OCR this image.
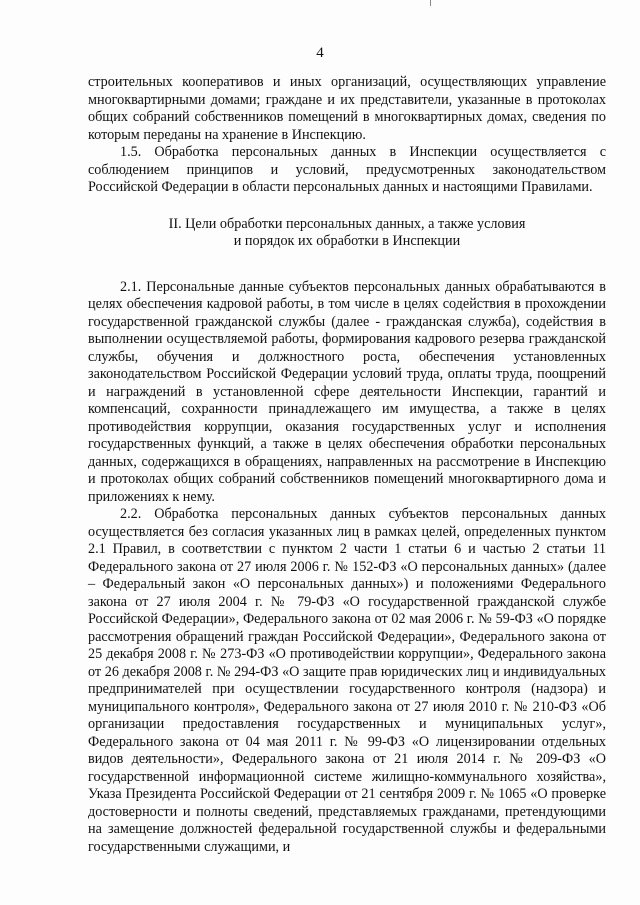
4

строительных кооперативов и иных организаций, осуществляющих управление многоквартирными домами; граждане и их представители, указанные в протоколах общих собраний собственников помещений в многоквартирных домах, сведения по которым переданы на хранение в Инспекцию.

1.5. Обработка персональных данных в Инспекции осуществляется с соблюдением принципов и условий, предусмотренных законодательством Российской Федерации в области персональных данных и настоящими Правилами.

II. Цели обработки персональных данных, а также условия
и порядок их обработки в Инспекции

2.1. Персональные данные субъектов персональных данных обрабатываются в целях обеспечения кадровой работы, в том числе в целях содействия в прохождении государственной гражданской службы (далее - гражданская служба), содействия в выполнении осуществляемой работы, формирования кадрового резерва гражданской службы, обучения и должностного роста, обеспечения установленных законодательством Российской Федерации условий труда, оплаты труда, поощрений и награждений в установленной сфере деятельности Инспекции, гарантий и компенсаций, сохранности принадлежащего им имущества, а также в целях противодействия коррупции, оказания государственных услуг и исполнения государственных функций, а также в целях обеспечения обработки персональных данных, содержащихся в обращениях, направленных на рассмотрение в Инспекцию и протоколах общих собраний собственников помещений многоквартирного дома и приложениях к нему.

2.2. Обработка персональных данных субъектов персональных данных осуществляется без согласия указанных лиц в рамках целей, определенных пунктом 2.1 Правил, в соответствии с пунктом 2 части 1 статьи 6 и частью 2 статьи 11 Федерального закона от 27 июля 2006 г. № 152-ФЗ «О персональных данных» (далее – Федеральный закон «О персональных данных») и положениями Федерального закона от 27 июля 2004 г. № 79-ФЗ «О государственной гражданской службе Российской Федерации», Федерального закона от 02 мая 2006 г. № 59-ФЗ «О порядке рассмотрения обращений граждан Российской Федерации», Федерального закона от 25 декабря 2008 г. № 273-ФЗ «О противодействии коррупции», Федерального закона от 26 декабря 2008 г. № 294-ФЗ «О защите прав юридических лиц и индивидуальных предпринимателей при осуществлении государственного контроля (надзора) и муниципального контроля», Федерального закона от 27 июля 2010 г. № 210-ФЗ «Об организации предоставления государственных и муниципальных услуг», Федерального закона от 04 мая 2011 г. № 99-ФЗ «О лицензировании отдельных видов деятельности», Федерального закона от 21 июля 2014 г. № 209-ФЗ «О государственной информационной системе жилищно-коммунального хозяйства», Указа Президента Российской Федерации от 21 сентября 2009 г. № 1065 «О проверке достоверности и полноты сведений, представляемых гражданами, претендующими на замещение должностей федеральной государственной службы и федеральными государственными служащими, и
